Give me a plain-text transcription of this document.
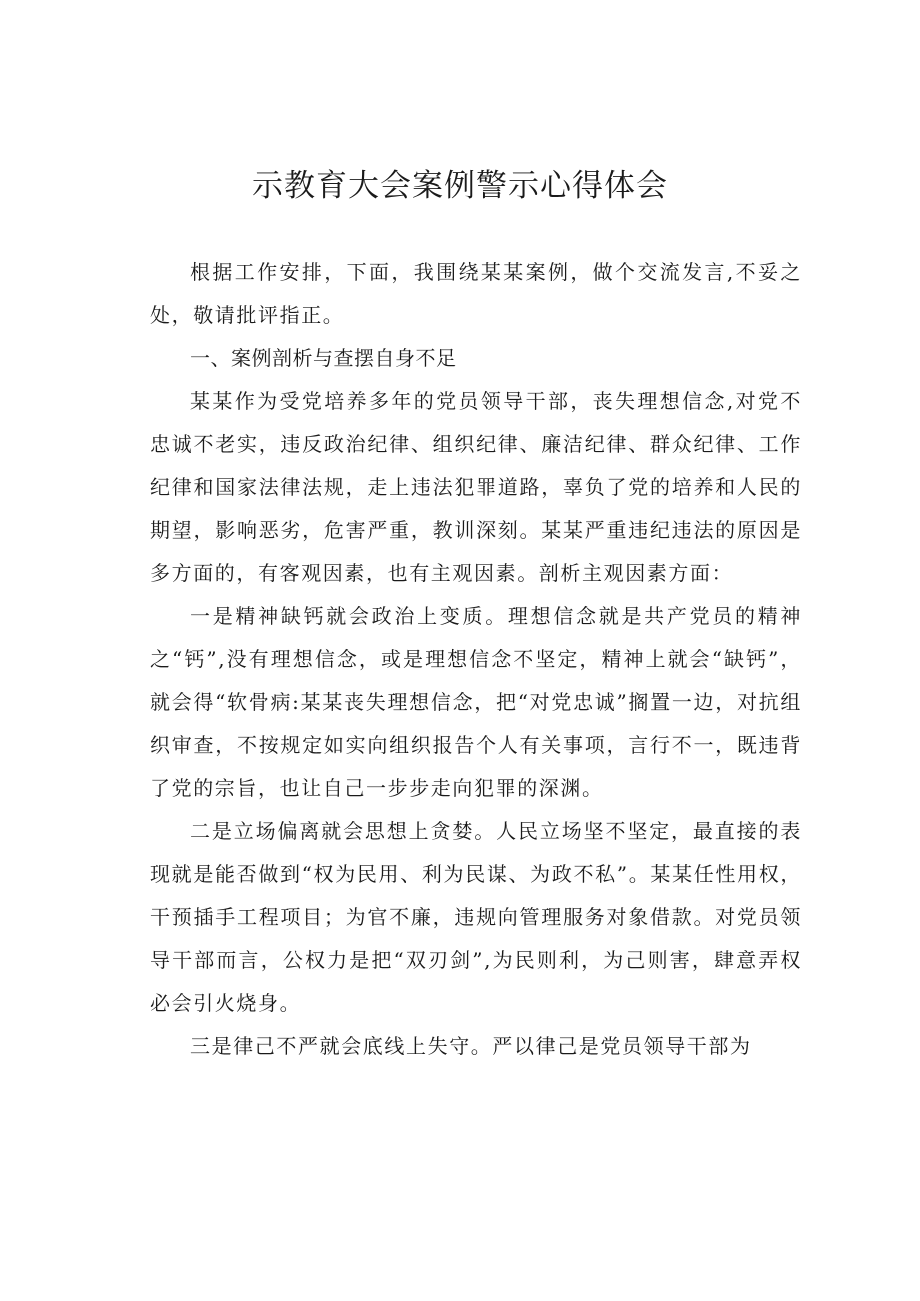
示教育大会案例警示心得体会

根据工作安排，下面，我围绕某某案例，做个交流发言,不妥之处，敬请批评指正。

一、案例剖析与查摆自身不足

某某作为受党培养多年的党员领导干部，丧失理想信念,对党不忠诚不老实，违反政治纪律、组织纪律、廉洁纪律、群众纪律、工作纪律和国家法律法规，走上违法犯罪道路，辜负了党的培养和人民的期望，影响恶劣，危害严重，教训深刻。某某严重违纪违法的原因是多方面的，有客观因素，也有主观因素。剖析主观因素方面：

一是精神缺钙就会政治上变质。理想信念就是共产党员的精神之“钙”,没有理想信念，或是理想信念不坚定，精神上就会“缺钙”，就会得“软骨病:某某丧失理想信念，把“对党忠诚”搁置一边，对抗组织审查，不按规定如实向组织报告个人有关事项，言行不一，既违背了党的宗旨，也让自己一步步走向犯罪的深渊。

二是立场偏离就会思想上贪婪。人民立场坚不坚定，最直接的表现就是能否做到“权为民用、利为民谋、为政不私”。某某任性用权，干预插手工程项目；为官不廉，违规向管理服务对象借款。对党员领导干部而言，公权力是把“双刃剑”,为民则利，为己则害，肆意弄权必会引火烧身。

三是律己不严就会底线上失守。严以律己是党员领导干部为
